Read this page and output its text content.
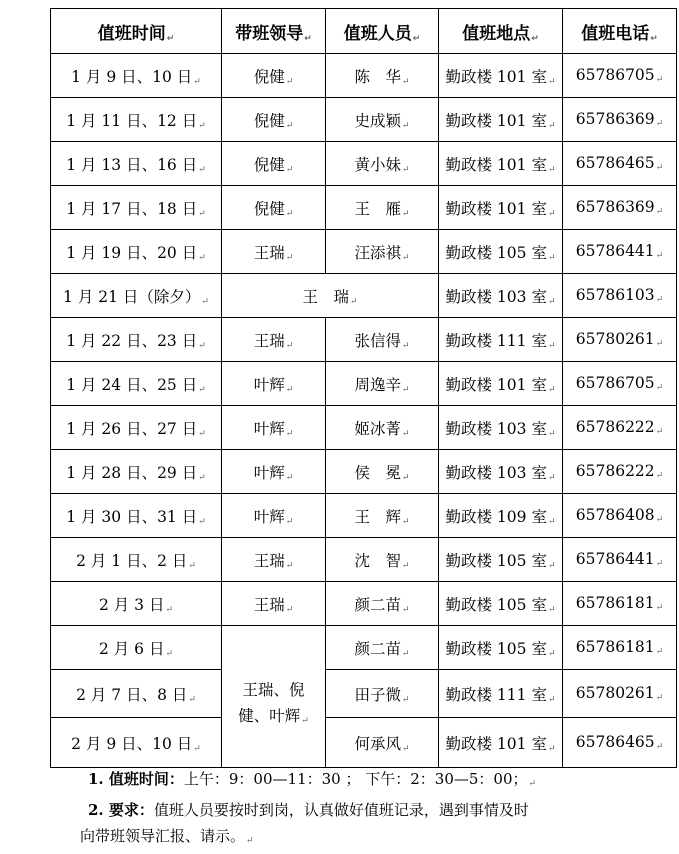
值班时间↵	带班领导↵	值班人员↵	值班地点↵	值班电话↵
1 月 9 日、10 日↵	倪健↵	陈　华↵	勤政楼 101 室↵	65786705↵
1 月 11 日、12 日↵	倪健↵	史成颖↵	勤政楼 101 室↵	65786369↵
1 月 13 日、16 日↵	倪健↵	黄小妹↵	勤政楼 101 室↵	65786465↵
1 月 17 日、18 日↵	倪健↵	王　雁↵	勤政楼 101 室↵	65786369↵
1 月 19 日、20 日↵	王瑞↵	汪添祺↵	勤政楼 105 室↵	65786441↵
1 月 21 日（除夕）↵	王　瑞↵		勤政楼 103 室↵	65786103↵
1 月 22 日、23 日↵	王瑞↵	张信得↵	勤政楼 111 室↵	65780261↵
1 月 24 日、25 日↵	叶辉↵	周逸辛↵	勤政楼 101 室↵	65786705↵
1 月 26 日、27 日↵	叶辉↵	姬冰菁↵	勤政楼 103 室↵	65786222↵
1 月 28 日、29 日↵	叶辉↵	侯　冕↵	勤政楼 103 室↵	65786222↵
1 月 30 日、31 日↵	叶辉↵	王　辉↵	勤政楼 109 室↵	65786408↵
2 月 1 日、2 日↵	王瑞↵	沈　智↵	勤政楼 105 室↵	65786441↵
2 月 3 日↵	王瑞↵	颜二苗↵	勤政楼 105 室↵	65786181↵
2 月 6 日↵	王瑞、倪
健、叶辉↵	颜二苗↵	勤政楼 105 室↵	65786181↵
2 月 7 日、8 日↵		田子微↵	勤政楼 111 室↵	65780261↵
2 月 9 日、10 日↵		何承风↵	勤政楼 101 室↵	65786465↵
1. 值班时间：上午：9：00—11：30 ； 下午：2：30—5：00；↵
2. 要求：值班人员要按时到岗，认真做好值班记录，遇到事情及时
向带班领导汇报、请示。↵
